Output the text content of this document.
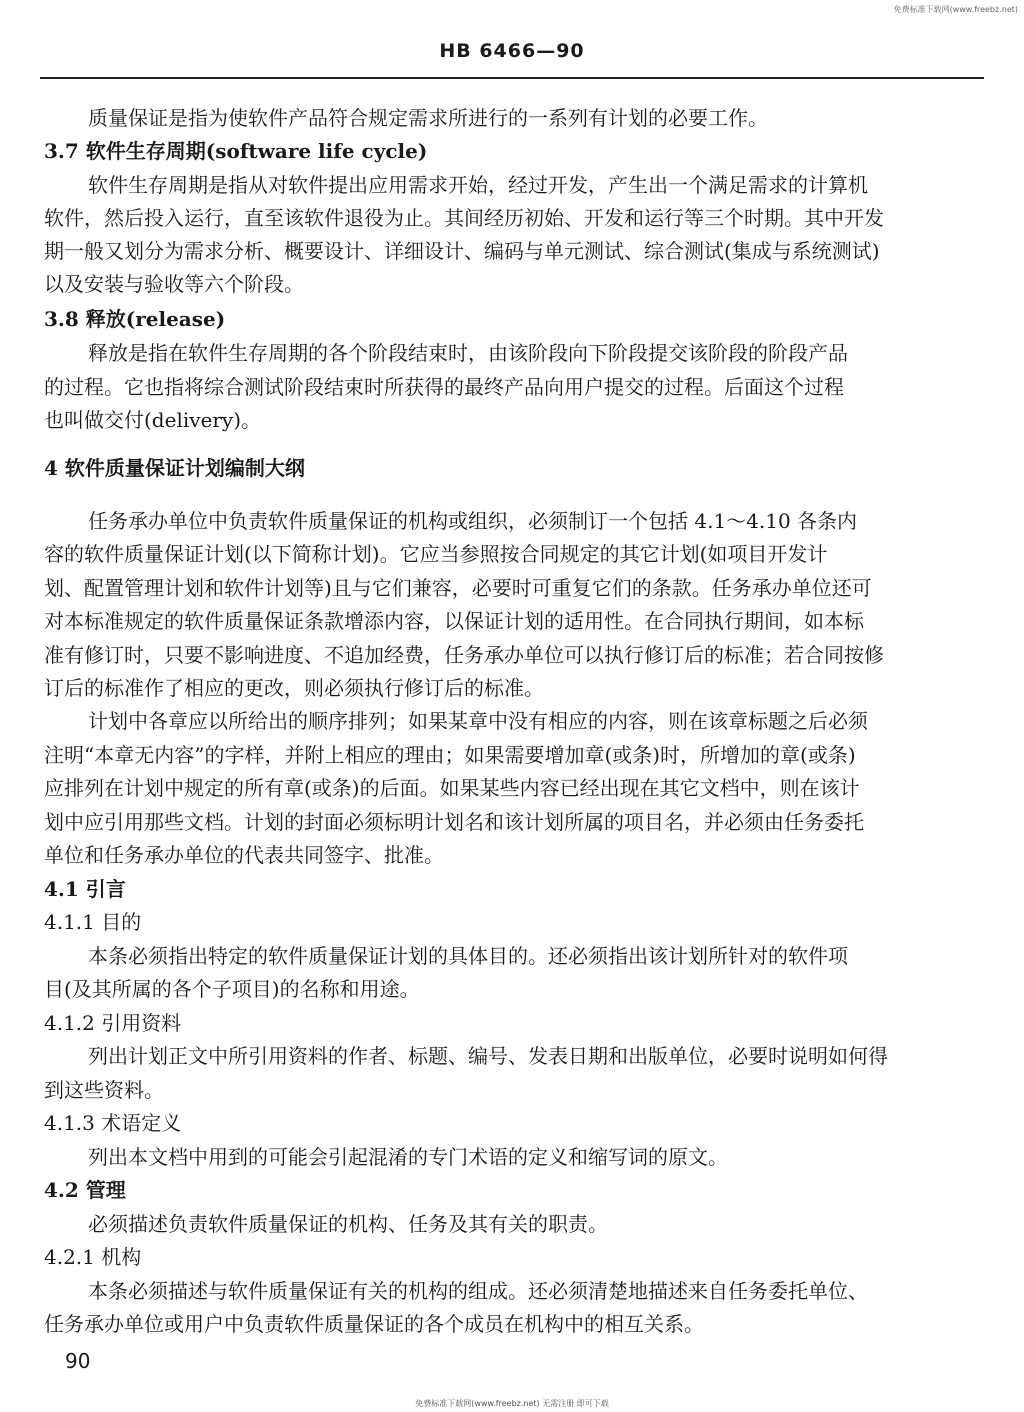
免费标准下载网(www.freebz.net)
HB 6466—90
质量保证是指为使软件产品符合规定需求所进行的一系列有计划的必要工作。
3.7 软件生存周期(software life cycle)
软件生存周期是指从对软件提出应用需求开始，经过开发，产生出一个满足需求的计算机
软件，然后投入运行，直至该软件退役为止。其间经历初始、开发和运行等三个时期。其中开发
期一般又划分为需求分析、概要设计、详细设计、编码与单元测试、综合测试(集成与系统测试)
以及安装与验收等六个阶段。
3.8 释放(release)
释放是指在软件生存周期的各个阶段结束时，由该阶段向下阶段提交该阶段的阶段产品
的过程。它也指将综合测试阶段结束时所获得的最终产品向用户提交的过程。后面这个过程
也叫做交付(delivery)。
4 软件质量保证计划编制大纲
任务承办单位中负责软件质量保证的机构或组织，必须制订一个包括 4.1～4.10 各条内
容的软件质量保证计划(以下简称计划)。它应当参照按合同规定的其它计划(如项目开发计
划、配置管理计划和软件计划等)且与它们兼容，必要时可重复它们的条款。任务承办单位还可
对本标准规定的软件质量保证条款增添内容，以保证计划的适用性。在合同执行期间，如本标
准有修订时，只要不影响进度、不追加经费，任务承办单位可以执行修订后的标准；若合同按修
订后的标准作了相应的更改，则必须执行修订后的标准。
计划中各章应以所给出的顺序排列；如果某章中没有相应的内容，则在该章标题之后必须
注明“本章无内容”的字样，并附上相应的理由；如果需要增加章(或条)时，所增加的章(或条)
应排列在计划中规定的所有章(或条)的后面。如果某些内容已经出现在其它文档中，则在该计
划中应引用那些文档。计划的封面必须标明计划名和该计划所属的项目名，并必须由任务委托
单位和任务承办单位的代表共同签字、批准。
4.1 引言
4.1.1 目的
本条必须指出特定的软件质量保证计划的具体目的。还必须指出该计划所针对的软件项
目(及其所属的各个子项目)的名称和用途。
4.1.2 引用资料
列出计划正文中所引用资料的作者、标题、编号、发表日期和出版单位，必要时说明如何得
到这些资料。
4.1.3 术语定义
列出本文档中用到的可能会引起混淆的专门术语的定义和缩写词的原文。
4.2 管理
必须描述负责软件质量保证的机构、任务及其有关的职责。
4.2.1 机构
本条必须描述与软件质量保证有关的机构的组成。还必须清楚地描述来自任务委托单位、
任务承办单位或用户中负责软件质量保证的各个成员在机构中的相互关系。
90
免费标准下载网(www.freebz.net) 无需注册 即可下载
